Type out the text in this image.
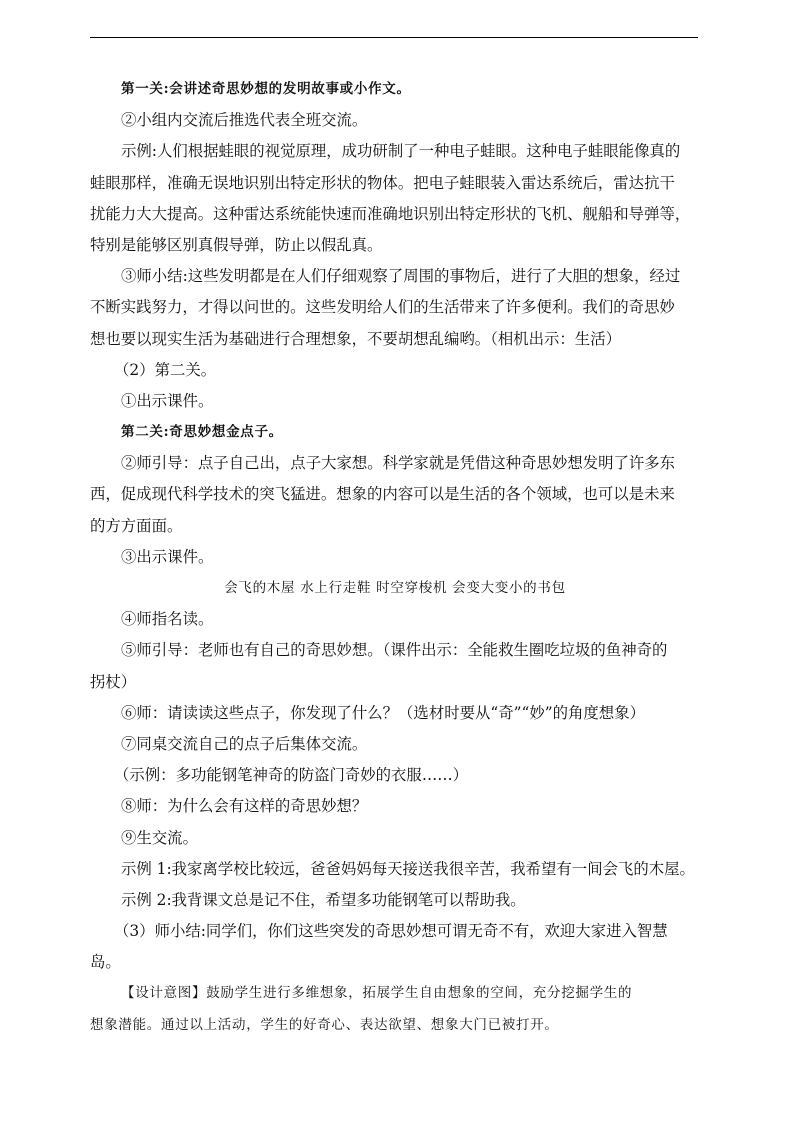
第一关:会讲述奇思妙想的发明故事或小作文。
②小组内交流后推选代表全班交流。
示例:人们根据蛙眼的视觉原理，成功研制了一种电子蛙眼。这种电子蛙眼能像真的
蛙眼那样，准确无误地识别出特定形状的物体。把电子蛙眼装入雷达系统后，雷达抗干
扰能力大大提高。这种雷达系统能快速而准确地识别出特定形状的飞机、舰船和导弹等，
特别是能够区别真假导弹，防止以假乱真。
③师小结:这些发明都是在人们仔细观察了周围的事物后，进行了大胆的想象，经过
不断实践努力，才得以问世的。这些发明给人们的生活带来了许多便利。我们的奇思妙
想也要以现实生活为基础进行合理想象，不要胡想乱编哟。（相机出示：生活）
（2）第二关。
①出示课件。
第二关:奇思妙想金点子。
②师引导：点子自己出，点子大家想。科学家就是凭借这种奇思妙想发明了许多东
西，促成现代科学技术的突飞猛进。想象的内容可以是生活的各个领域，也可以是未来
的方方面面。
③出示课件。
会飞的木屋 水上行走鞋 时空穿梭机 会变大变小的书包
④师指名读。
⑤师引导：老师也有自己的奇思妙想。（课件出示：全能救生圈吃垃圾的鱼神奇的
拐杖）
⑥师：请读读这些点子，你发现了什么？（选材时要从“奇”“妙”的角度想象）
⑦同桌交流自己的点子后集体交流。
（示例：多功能钢笔神奇的防盗门奇妙的衣服……）
⑧师：为什么会有这样的奇思妙想？
⑨生交流。
示例 1:我家离学校比较远，爸爸妈妈每天接送我很辛苦，我希望有一间会飞的木屋。
示例 2:我背课文总是记不住，希望多功能钢笔可以帮助我。
（3）师小结:同学们，你们这些突发的奇思妙想可谓无奇不有，欢迎大家进入智慧
岛。
【设计意图】鼓励学生进行多维想象，拓展学生自由想象的空间，充分挖掘学生的
想象潜能。通过以上活动，学生的好奇心、表达欲望、想象大门已被打开。
